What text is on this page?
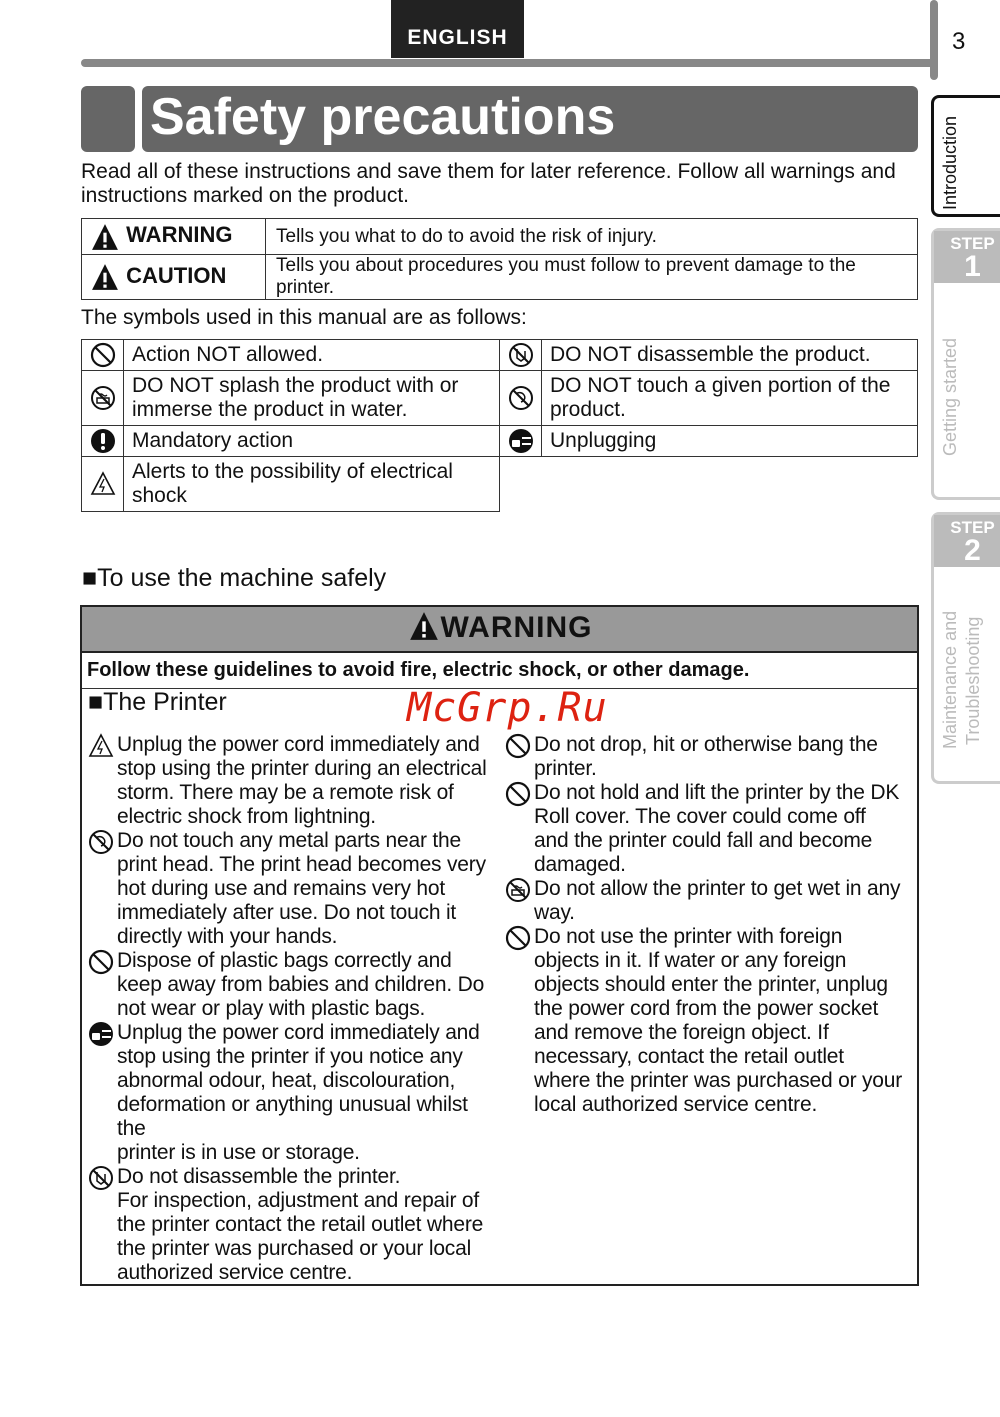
ENGLISH	3
Introduction
STEP
1
Getting started
STEP
2
Maintenance and Troubleshooting
Safety precautions
Read all of these instructions and save them for later reference. Follow all warnings and instructions marked on the product.
WARNING	Tells you what to do to avoid the risk of injury.
CAUTION	Tells you about procedures you must follow to prevent damage to the printer.
The symbols used in this manual are as follows:
	Action NOT allowed.		DO NOT disassemble the product.
	DO NOT splash the product with or immerse the product in water.		DO NOT touch a given portion of the product.
	Mandatory action		Unplugging
	Alerts to the possibility of electrical shock		
■To use the machine safely
WARNING
Follow these guidelines to avoid fire, electric shock, or other damage.
■The Printer	McGrp.Ru
Unplug the power cord immediately and
stop using the printer during an electrical
storm. There may be a remote risk of
electric shock from lightning.
Do not touch any metal parts near the
print head. The print head becomes very
hot during use and remains very hot
immediately after use. Do not touch it
directly with your hands.
Dispose of plastic bags correctly and
keep away from babies and children. Do
not wear or play with plastic bags.
Unplug the power cord immediately and
stop using the printer if you notice any
abnormal odour, heat, discolouration,
deformation or anything unusual whilst the
printer is in use or storage.
Do not disassemble the printer.
For inspection, adjustment and repair of
the printer contact the retail outlet where
the printer was purchased or your local
authorized service centre.
Do not drop, hit or otherwise bang the
printer.
Do not hold and lift the printer by the DK
Roll cover. The cover could come off
and the printer could fall and become
damaged.
Do not allow the printer to get wet in any
way.
Do not use the printer with foreign
objects in it. If water or any foreign
objects should enter the printer, unplug
the power cord from the power socket
and remove the foreign object. If
necessary, contact the retail outlet
where the printer was purchased or your
local authorized service centre.
